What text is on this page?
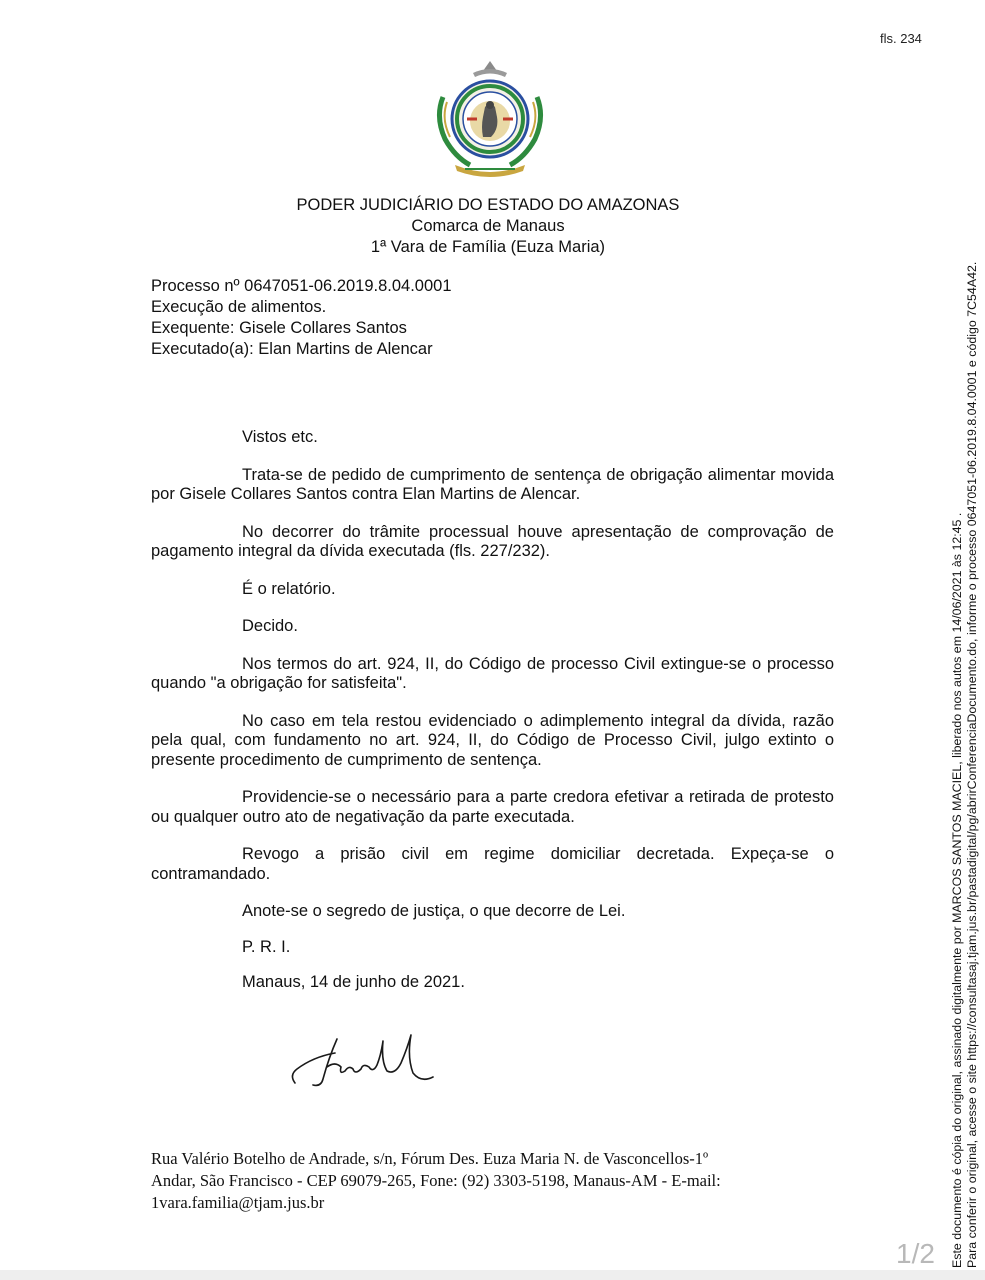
fls. 234
PODER JUDICIÁRIO DO ESTADO DO AMAZONAS
Comarca de Manaus
1ª Vara de Família (Euza Maria)
Processo nº 0647051-06.2019.8.04.0001
Execução de alimentos.
Exequente: Gisele Collares Santos
Executado(a): Elan Martins de Alencar

Vistos etc.

Trata-se de pedido de cumprimento de sentença de obrigação alimentar movida por Gisele Collares Santos contra Elan Martins de Alencar.

No decorrer do trâmite processual houve apresentação de comprovação de pagamento integral da dívida executada (fls. 227/232).

É o relatório.

Decido.

Nos termos do art. 924, II, do Código de processo Civil extingue-se o processo quando "a obrigação for satisfeita".

No caso em tela restou evidenciado o adimplemento integral da dívida, razão pela qual, com fundamento no art. 924, II, do Código de Processo Civil, julgo extinto o presente procedimento de cumprimento de sentença.

Providencie-se o necessário para a parte credora efetivar a retirada de protesto ou qualquer outro ato de negativação da parte executada.

Revogo a prisão civil em regime domiciliar decretada. Expeça-se o contramandado.

Anote-se o segredo de justiça, o que decorre de Lei.

P. R. I.

Manaus, 14 de junho de 2021.

Rua Valério Botelho de Andrade, s/n, Fórum Des. Euza Maria N. de Vasconcellos-1º
Andar, São Francisco - CEP 69079-265, Fone: (92) 3303-5198, Manaus-AM - E-mail:
1vara.familia@tjam.jus.br	Este documento é cópia do original, assinado digitalmente por MARCOS SANTOS MACIEL, liberado nos autos em 14/06/2021 às 12:45 . Para conferir o original, acesse o site https://consultasaj.tjam.jus.br/pastadigital/pg/abrirConferenciaDocumento.do, informe o processo 0647051-06.2019.8.04.0001 e código 7C54A42.
1/2
